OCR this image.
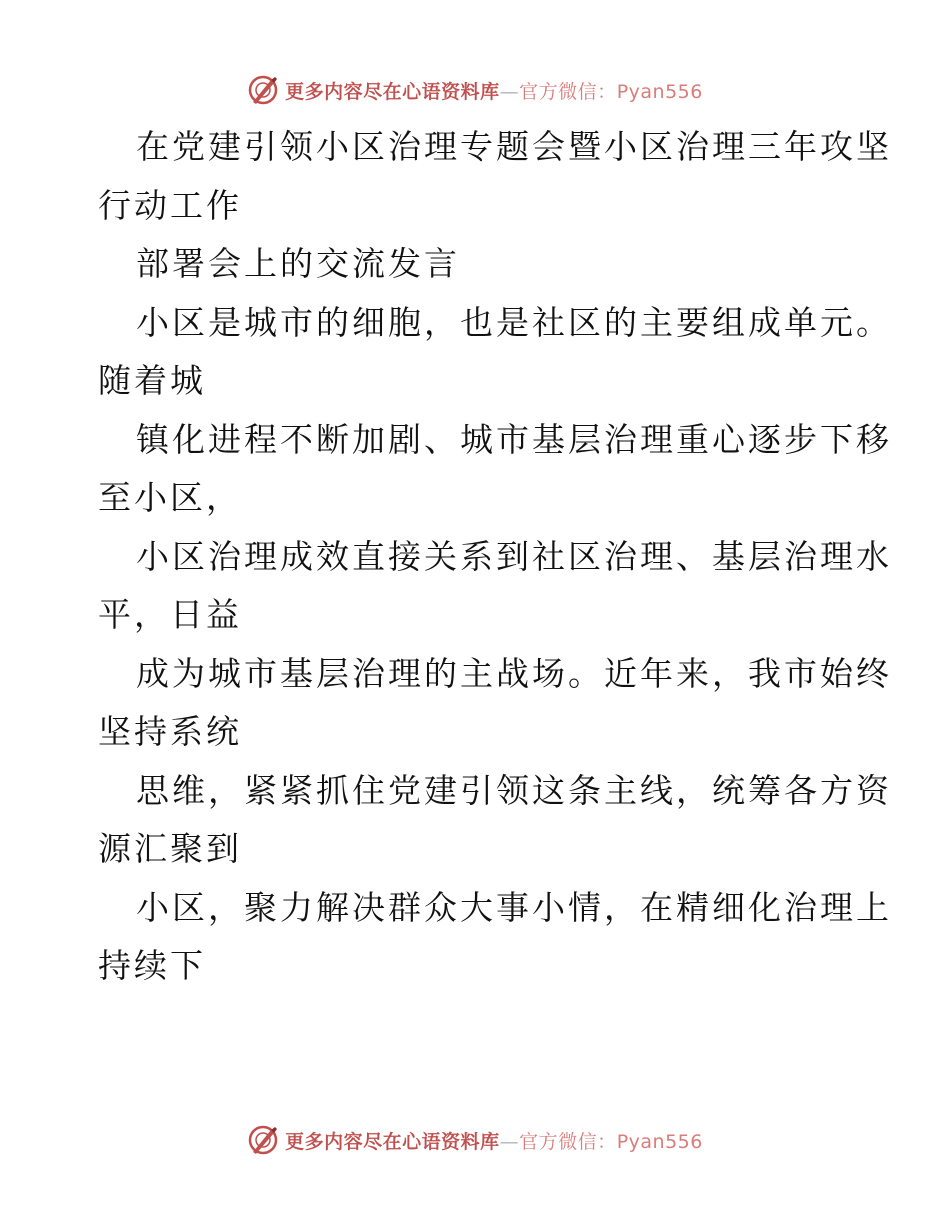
更多内容尽在心语资料库—官方微信：Pyan556
在党建引领小区治理专题会暨小区治理三年攻坚
行动工作
部署会上的交流发言
小区是城市的细胞，也是社区的主要组成单元。
随着城
镇化进程不断加剧、城市基层治理重心逐步下移
至小区，
小区治理成效直接关系到社区治理、基层治理水
平，日益
成为城市基层治理的主战场。近年来，我市始终
坚持系统
思维，紧紧抓住党建引领这条主线，统筹各方资
源汇聚到
小区，聚力解决群众大事小情，在精细化治理上
持续下
更多内容尽在心语资料库—官方微信：Pyan556
